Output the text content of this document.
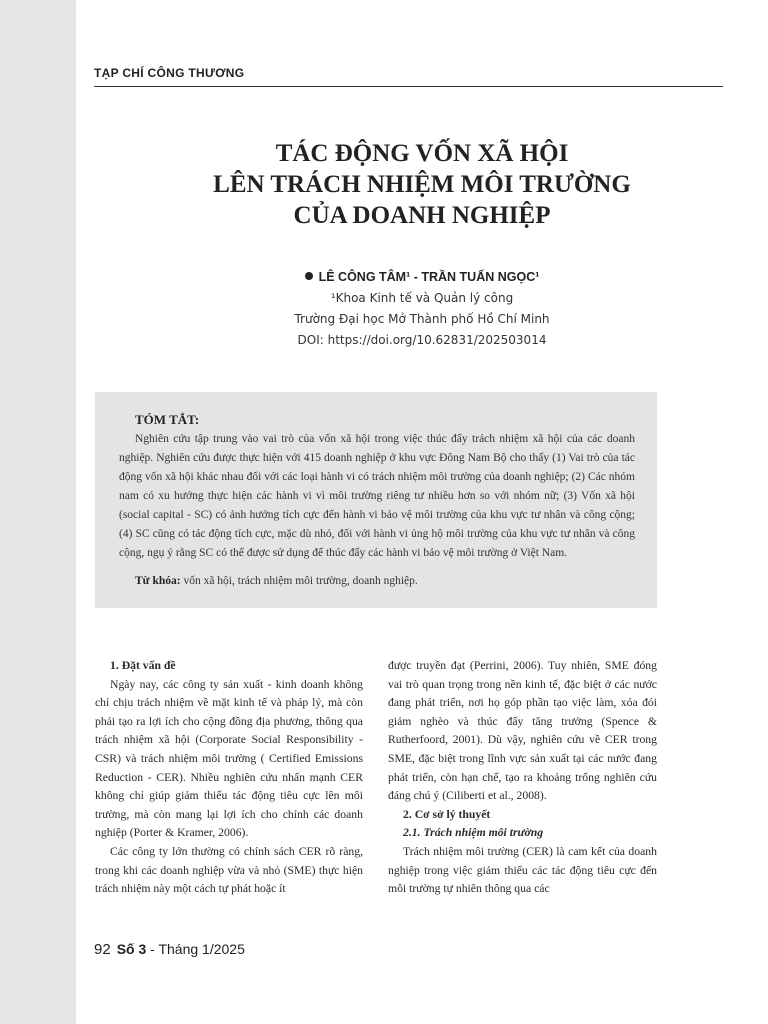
TẠP CHÍ CÔNG THƯƠNG
TÁC ĐỘNG VỐN XÃ HỘI
LÊN TRÁCH NHIỆM MÔI TRƯỜNG
CỦA DOANH NGHIỆP
LÊ CÔNG TÂM¹ - TRẦN TUẤN NGỌC¹
¹Khoa Kinh tế và Quản lý công
Trường Đại học Mở Thành phố Hồ Chí Minh
DOI: https://doi.org/10.62831/202503014
TÓM TẮT:
Nghiên cứu tập trung vào vai trò của vốn xã hội trong việc thúc đẩy trách nhiệm xã hội của các doanh nghiệp. Nghiên cứu được thực hiện với 415 doanh nghiệp ở khu vực Đông Nam Bộ cho thấy (1) Vai trò của tác động vốn xã hội khác nhau đối với các loại hành vi có trách nhiệm môi trường của doanh nghiệp; (2) Các nhóm nam có xu hướng thực hiện các hành vi vì môi trường riêng tư nhiều hơn so với nhóm nữ; (3) Vốn xã hội (social capital - SC) có ảnh hưởng tích cực đến hành vi bảo vệ môi trường của khu vực tư nhân và công cộng; (4) SC cũng có tác động tích cực, mặc dù nhỏ, đối với hành vi ủng hộ môi trường của khu vực tư nhân và công cộng, ngụ ý rằng SC có thể được sử dụng để thúc đẩy các hành vi bảo vệ môi trường ở Việt Nam.
Từ khóa: vốn xã hội, trách nhiệm môi trường, doanh nghiệp.

1. Đặt vấn đề

Ngày nay, các công ty sản xuất - kinh doanh không chỉ chịu trách nhiệm về mặt kinh tế và pháp lý, mà còn phải tạo ra lợi ích cho cộng đồng địa phương, thông qua trách nhiệm xã hội (Corporate Social Responsibility - CSR) và trách nhiệm môi trường ( Certified Emissions Reduction - CER). Nhiều nghiên cứu nhấn mạnh CER không chỉ giúp giảm thiểu tác động tiêu cực lên môi trường, mà còn mang lại lợi ích cho chính các doanh nghiệp (Porter & Kramer, 2006).

Các công ty lớn thường có chính sách CER rõ ràng, trong khi các doanh nghiệp vừa và nhỏ (SME) thực hiện trách nhiệm này một cách tự phát hoặc ít

được truyền đạt (Perrini, 2006). Tuy nhiên, SME đóng vai trò quan trọng trong nền kinh tế, đặc biệt ở các nước đang phát triển, nơi họ góp phần tạo việc làm, xóa đói giảm nghèo và thúc đẩy tăng trưởng (Spence & Rutherfoord, 2001). Dù vậy, nghiên cứu về CER trong SME, đặc biệt trong lĩnh vực sản xuất tại các nước đang phát triển, còn hạn chế, tạo ra khoảng trống nghiên cứu đáng chú ý (Ciliberti et al., 2008).

2. Cơ sở lý thuyết

2.1. Trách nhiệm môi trường

Trách nhiệm môi trường (CER) là cam kết của doanh nghiệp trong việc giảm thiểu các tác động tiêu cực đến môi trường tự nhiên thông qua các

92 Số 3 - Tháng 1/2025
